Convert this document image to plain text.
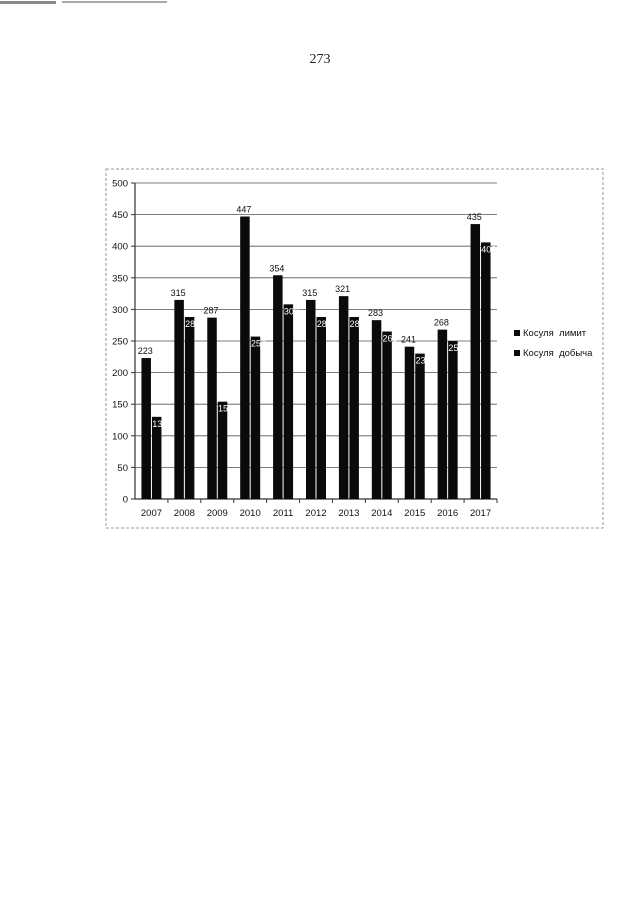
273
0
50
100
150
200
250
300
350
400
450
500
223
130
315
288
287
154
447
257
354
308
315
288
321
288
283
265 241
230
268
250
435
406
2007 2008 2009 2010 2011 2012 2013 2014 2015 2016 2017
Косуля  лимит
Косуля  добыча
